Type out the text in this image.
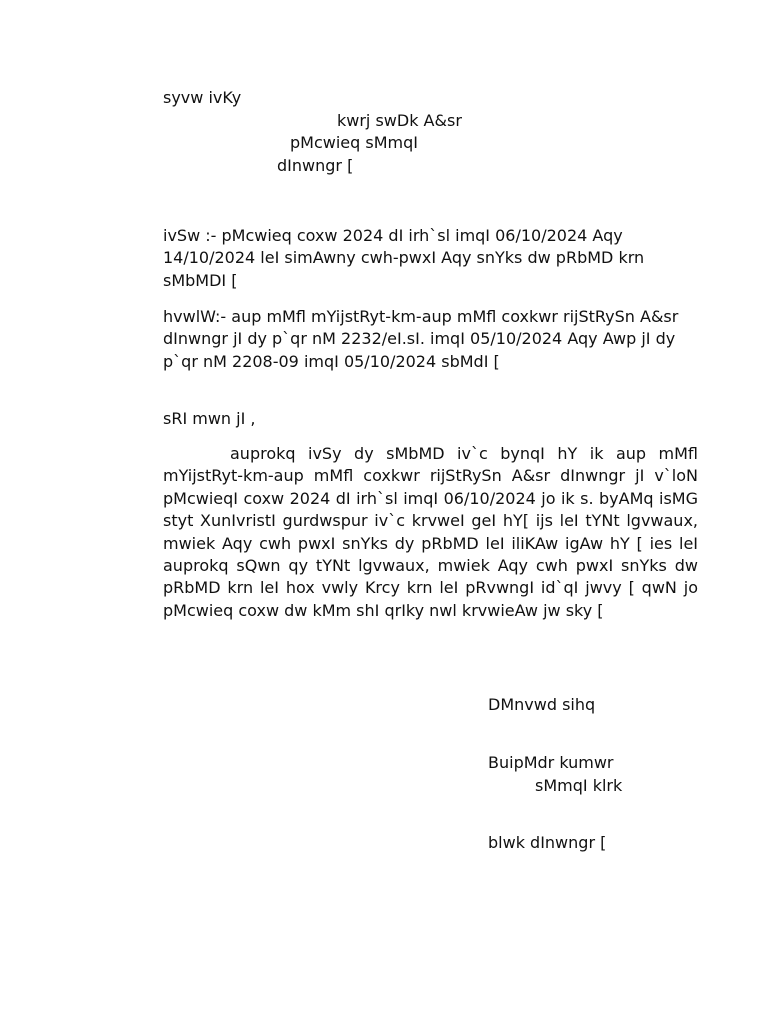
syvw ivKy
kwrj swDk A&sr
pMcwieq sMmqI
dInwngr [
ivSw :- pMcwieq coxw 2024 dI irh`sl imqI 06/10/2024 Aqy 14/10/2024 leI simAwny cwh-pwxI Aqy snYks dw pRbMD krn sMbMDI [
hvwlW:- aup mMfl mYijstRyt-km-aup mMfl coxkwr rijStRySn A&sr dInwngr jI dy p`qr nM 2232/eI.sI. imqI 05/10/2024 Aqy Awp jI dy p`qr nM 2208-09 imqI 05/10/2024 sbMdI [
sRI mwn jI ,
auprokq ivSy dy sMbMD iv`c bynqI hY ik aup mMfl mYijstRyt-km-aup mMfl coxkwr rijStRySn A&sr dInwngr jI v`loN pMcwieqI coxw 2024 dI irh`sl imqI 06/10/2024 jo ik s. byAMq isMG styt XunIvristI gurdwspur iv`c krvweI geI hY[ ijs leI tYNt lgvwaux, mwiek Aqy cwh pwxI snYks dy pRbMD leI iliKAw igAw hY [ ies leI auprokq sQwn qy tYNt lgvwaux, mwiek Aqy cwh pwxI snYks dw pRbMD krn leI hox vwly Krcy krn leI pRvwngI id`qI jwvy [ qwN jo pMcwieq coxw dw kMm shI qrIky nwl krvwieAw jw sky [
DMnvwd sihq
BuipMdr kumwr
sMmqI klrk
blwk dInwngr [
